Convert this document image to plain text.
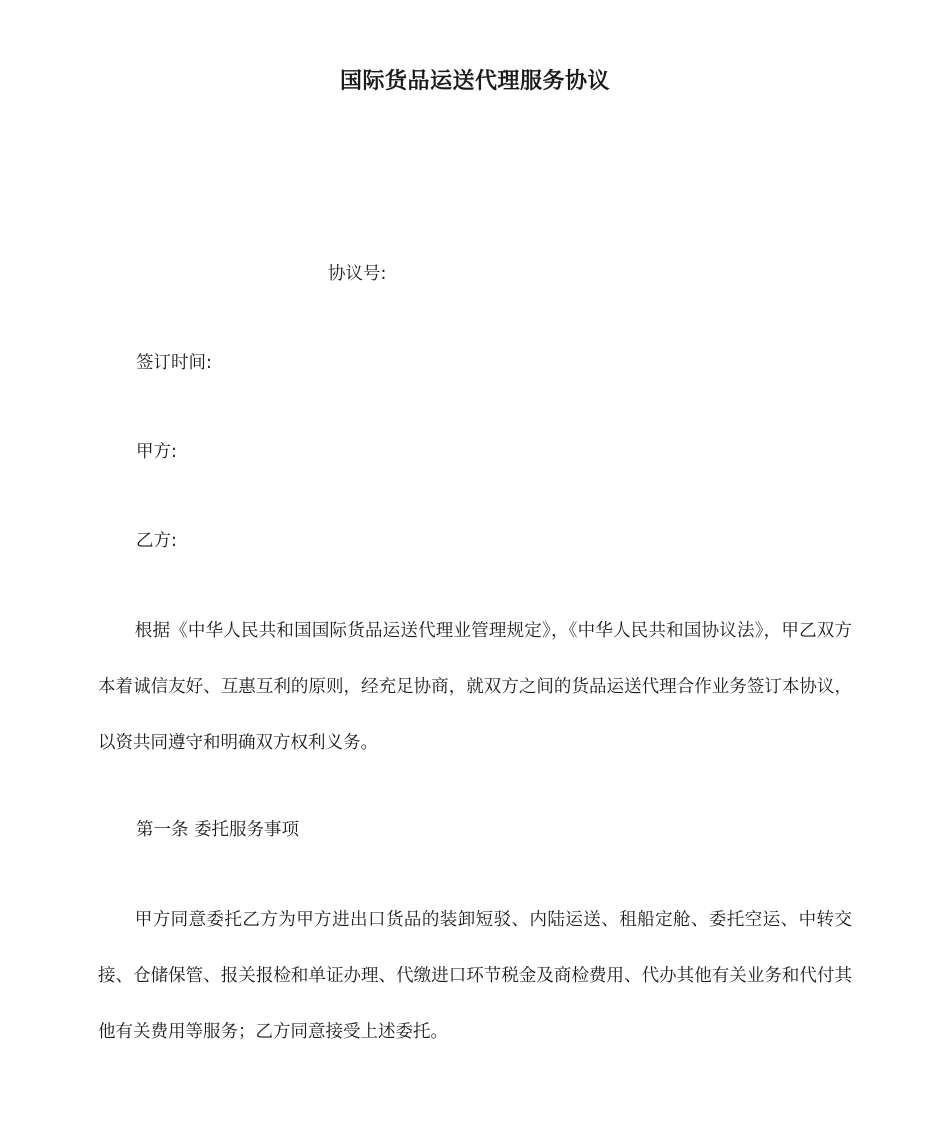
国际货品运送代理服务协议
协议号:
签订时间:
甲方:
乙方:
根据《中华人民共和国国际货品运送代理业管理规定》，《中华人民共和国协议法》，甲乙双方本着诚信友好、互惠互利的原则，经充足协商，就双方之间的货品运送代理合作业务签订本协议，以资共同遵守和明确双方权利义务。
第一条 委托服务事项
甲方同意委托乙方为甲方进出口货品的装卸短驳、内陆运送、租船定舱、委托空运、中转交接、仓储保管、报关报检和单证办理、代缴进口环节税金及商检费用、代办其他有关业务和代付其他有关费用等服务；乙方同意接受上述委托。
